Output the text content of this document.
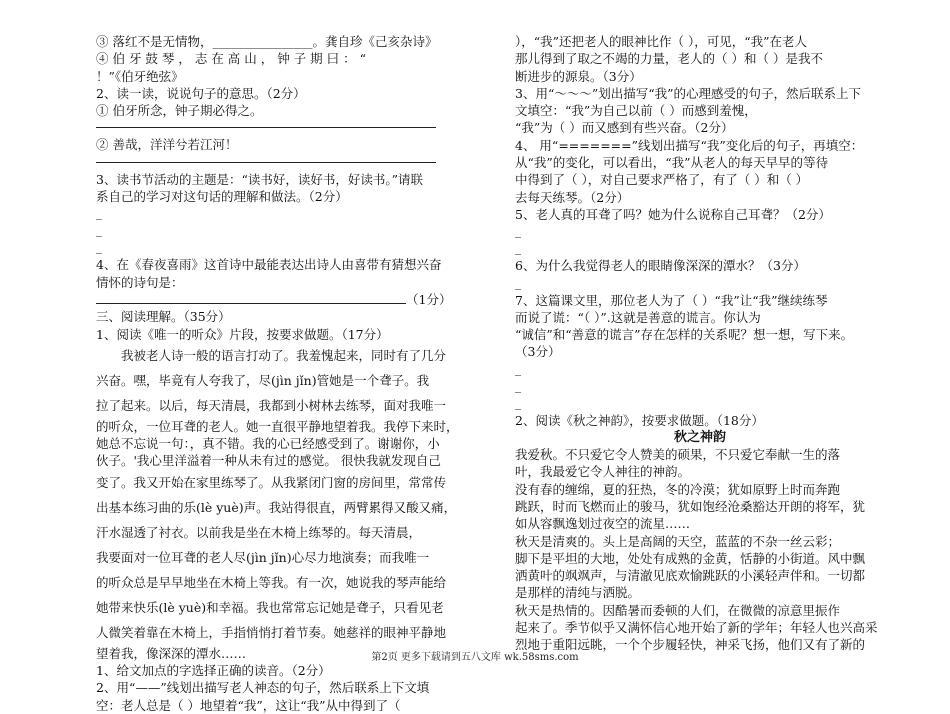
③ 落红不是无情物，________________。龚自珍《己亥杂诗》
④ 伯 牙 鼓 琴 ， 志 在 高 山 ， 钟 子 期 曰 ： “
！”《伯牙绝弦》
2、读一读，说说句子的意思。（2分）
① 伯牙所念，钟子期必得之。
② 善哉，洋洋兮若江河！
3、读书节活动的主题是：“读书好，读好书，好读书。”请联
系自己的学习对这句话的理解和做法。（2分）
_
_
_
4、在《春夜喜雨》这首诗中最能表达出诗人由喜带有猜想兴奋
情怀的诗句是：
（1分）
三、阅读理解。（35分）
1、阅读《唯一的听众》片段，按要求做题。（17分）
我被老人诗一般的语言打动了。我羞愧起来，同时有了几分
兴奋。嘿，毕竟有人夸我了，尽(jìn jǐn)管她是一个聋子。我
拉了起来。以后，每天清晨，我都到小树林去练琴，面对我唯一
的听众，一位耳聋的老人。她一直很平静地望着我。我停下来时，
她总不忘说一句：，真不错。我的心已经感受到了。谢谢你，小
伙子。'我心里洋溢着一种从未有过的感觉。 很快我就发现自己
变了。我又开始在家里练琴了。从我紧闭门窗的房间里，常常传
出基本练习曲的乐(lè yuè)声。我站得很直，两臂累得又酸又痛，
汗水湿透了衬衣。以前我是坐在木椅上练琴的。每天清晨，
我要面对一位耳聋的老人尽(jìn jǐn)心尽力地演奏；而我唯一
的听众总是早早地坐在木椅上等我。有一次，她说我的琴声能给
她带来快乐(lè yuè)和幸福。我也常常忘记她是聋子，只看见老
人微笑着靠在木椅上，手指悄悄打着节奏。她慈祥的眼神平静地
望着我，像深深的潭水……
1、给文加点的字选择正确的读音。（2分）
2、用“——”线划出描写老人神态的句子，然后联系上下文填
空：老人总是（ ）地望着“我”，这让“我”从中得到了（
），“我”还把老人的眼神比作（ ），可见，“我”在老人
那儿得到了取之不竭的力量，老人的（ ）和（ ）是我不
断进步的源泉。（3分）
3、用“～～～”划出描写“我”的心理感受的句子，然后联系上下
文填空：“我”为自己以前（ ）而感到羞愧，
“我”为（ ）而又感到有些兴奋。（2分）
4、 用“=======”线划出描写“我”变化后的句子，再填空：
从“我”的变化，可以看出，“我”从老人的每天早早的等待
中得到了（ ），对自己要求严格了，有了（ ）和（ ）
去每天练琴。（2分）
5、老人真的耳聋了吗？她为什么说称自己耳聋？（2分）
_
_
6、为什么我觉得老人的眼睛像深深的潭水？（3分）
_
7、这篇课文里，那位老人为了（ ）“我”让“我”继续练琴
而说了谎：“（ ）”.这就是善意的谎言。你认为
“诚信”和“善意的谎言”存在怎样的关系呢？想一想，写下来。
（3分）
_
_
_
2、阅读《秋之神韵》，按要求做题。（18分）
秋之神韵
我爱秋。不只爱它令人赞美的硕果，不只爱它奉献一生的落
叶，我最爱它令人神往的神韵。
没有春的缠绵，夏的狂热，冬的冷漠；犹如原野上时而奔跑
跳跃，时而飞燃而止的骏马，犹如饱经沧桑豁达开朗的将军，犹
如从容飘逸划过夜空的流星……
秋天是清爽的。头上是高阔的天空，蓝蓝的不杂一丝云彩；
脚下是平坦的大地，处处有成熟的金黄，恬静的小街道。风中飘
洒黄叶的飒飒声，与清澈见底欢愉跳跃的小溪轻声伴和。一切都
是那样的清纯与洒脱。
秋天是热情的。因酷暑而委顿的人们，在微微的凉意里振作
起来了。季节似乎又满怀信心地开始了新的学年；年轻人也兴高采
烈地于重阳远眺，一个个步履轻快，神采飞扬，他们又有了新的
第2页 更多下载请到五八文库 wk.58sms.com
